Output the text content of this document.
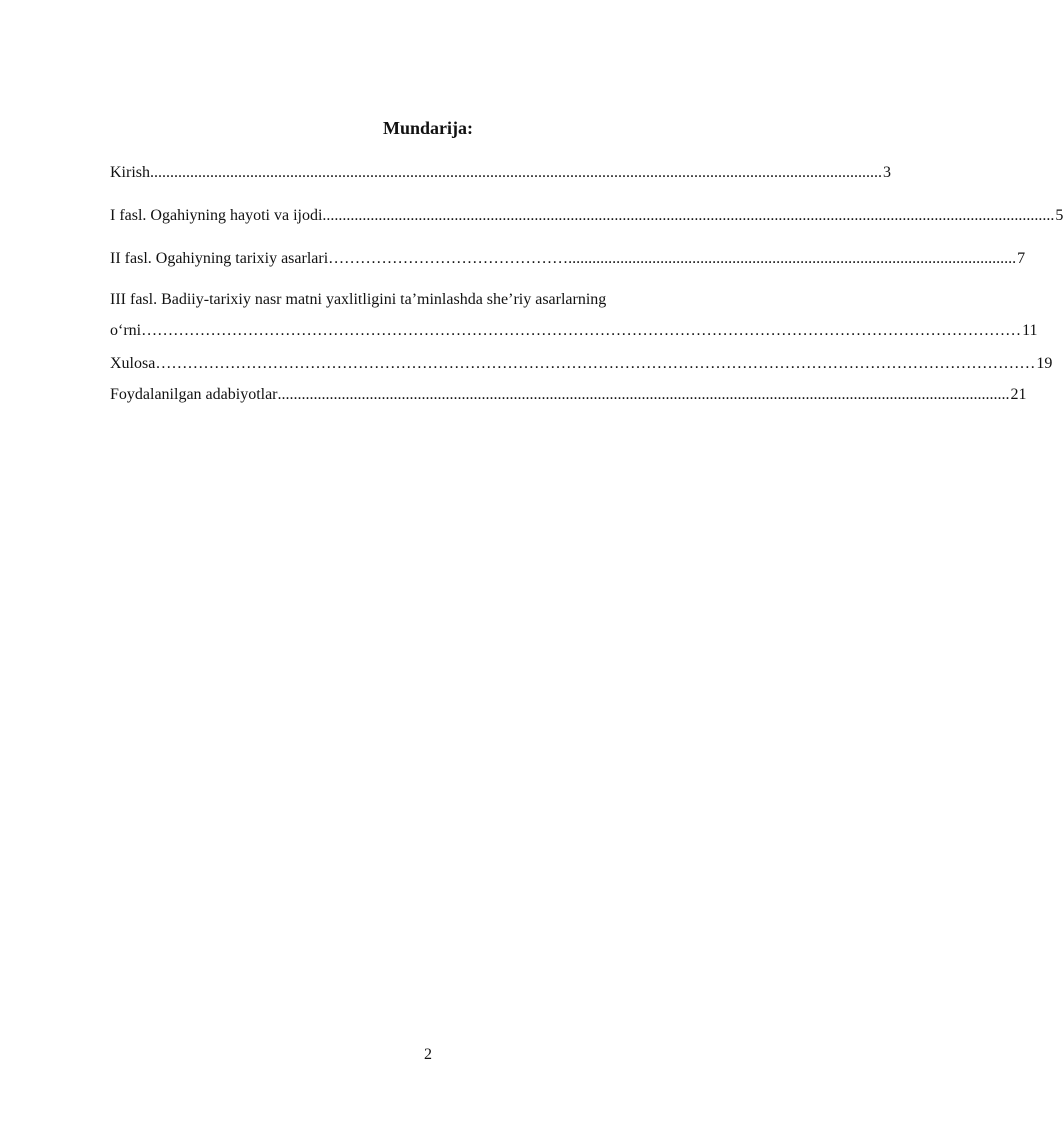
Mundarija:
Kirish ....................................................................................................................................................................................... 3
I fasl. Ogahiyning hayoti va ijodi ....................................................................................................................................................................................... 5
II fasl. Ogahiyning tarixiy asarlari ………………………………………................................................................................................................ 7
III fasl. Badiiy-tarixiy nasr matni yaxlitligini ta’minlashda she’riy asarlarning
o‘rni ………………………………………………………………………………………………………………………………………………… 11
Xulosa ………………………………………………………………………………………………………………………………………………… 19
Foydalanilgan adabiyotlar ....................................................................................................................................................................................... 21
2
